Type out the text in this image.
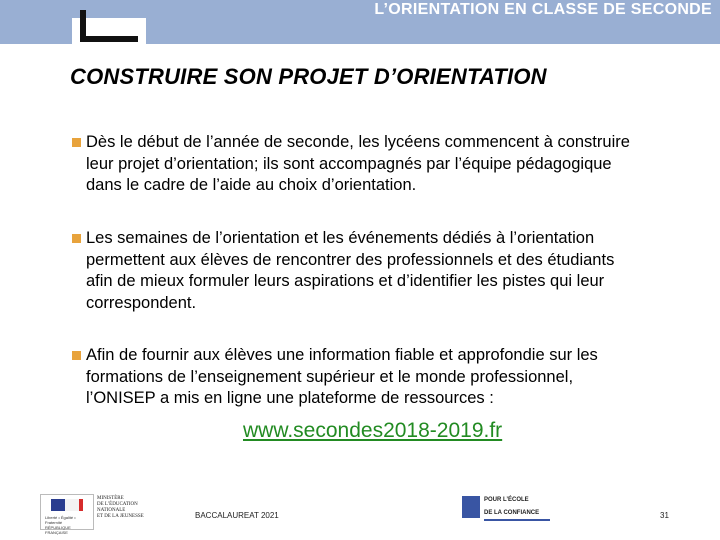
L’ORIENTATION EN CLASSE DE SECONDE
CONSTRUIRE SON PROJET D’ORIENTATION
Dès le début de l’année de seconde, les lycéens commencent à construire
leur projet d’orientation; ils sont accompagnés par l’équipe pédagogique
dans le cadre de l’aide au choix d’orientation.
Les semaines de l’orientation et les événements dédiés à l’orientation
permettent aux élèves de rencontrer des professionnels et des étudiants
afin de mieux formuler leurs aspirations et d’identifier les pistes qui leur
correspondent.
Afin de fournir aux élèves une information fiable et approfondie sur les
formations de l’enseignement supérieur et le monde professionnel,
l’ONISEP a mis en ligne une plateforme de ressources :
www.secondes2018-2019.fr
Liberté • Égalité • Fraternité
RÉPUBLIQUE FRANÇAISE
MINISTÈRE
DE L’ÉDUCATION
NATIONALE
ET DE LA JEUNESSE	BACCALAUREAT 2021
POUR L’ÉCOLE
DE LA CONFIANCE	31
